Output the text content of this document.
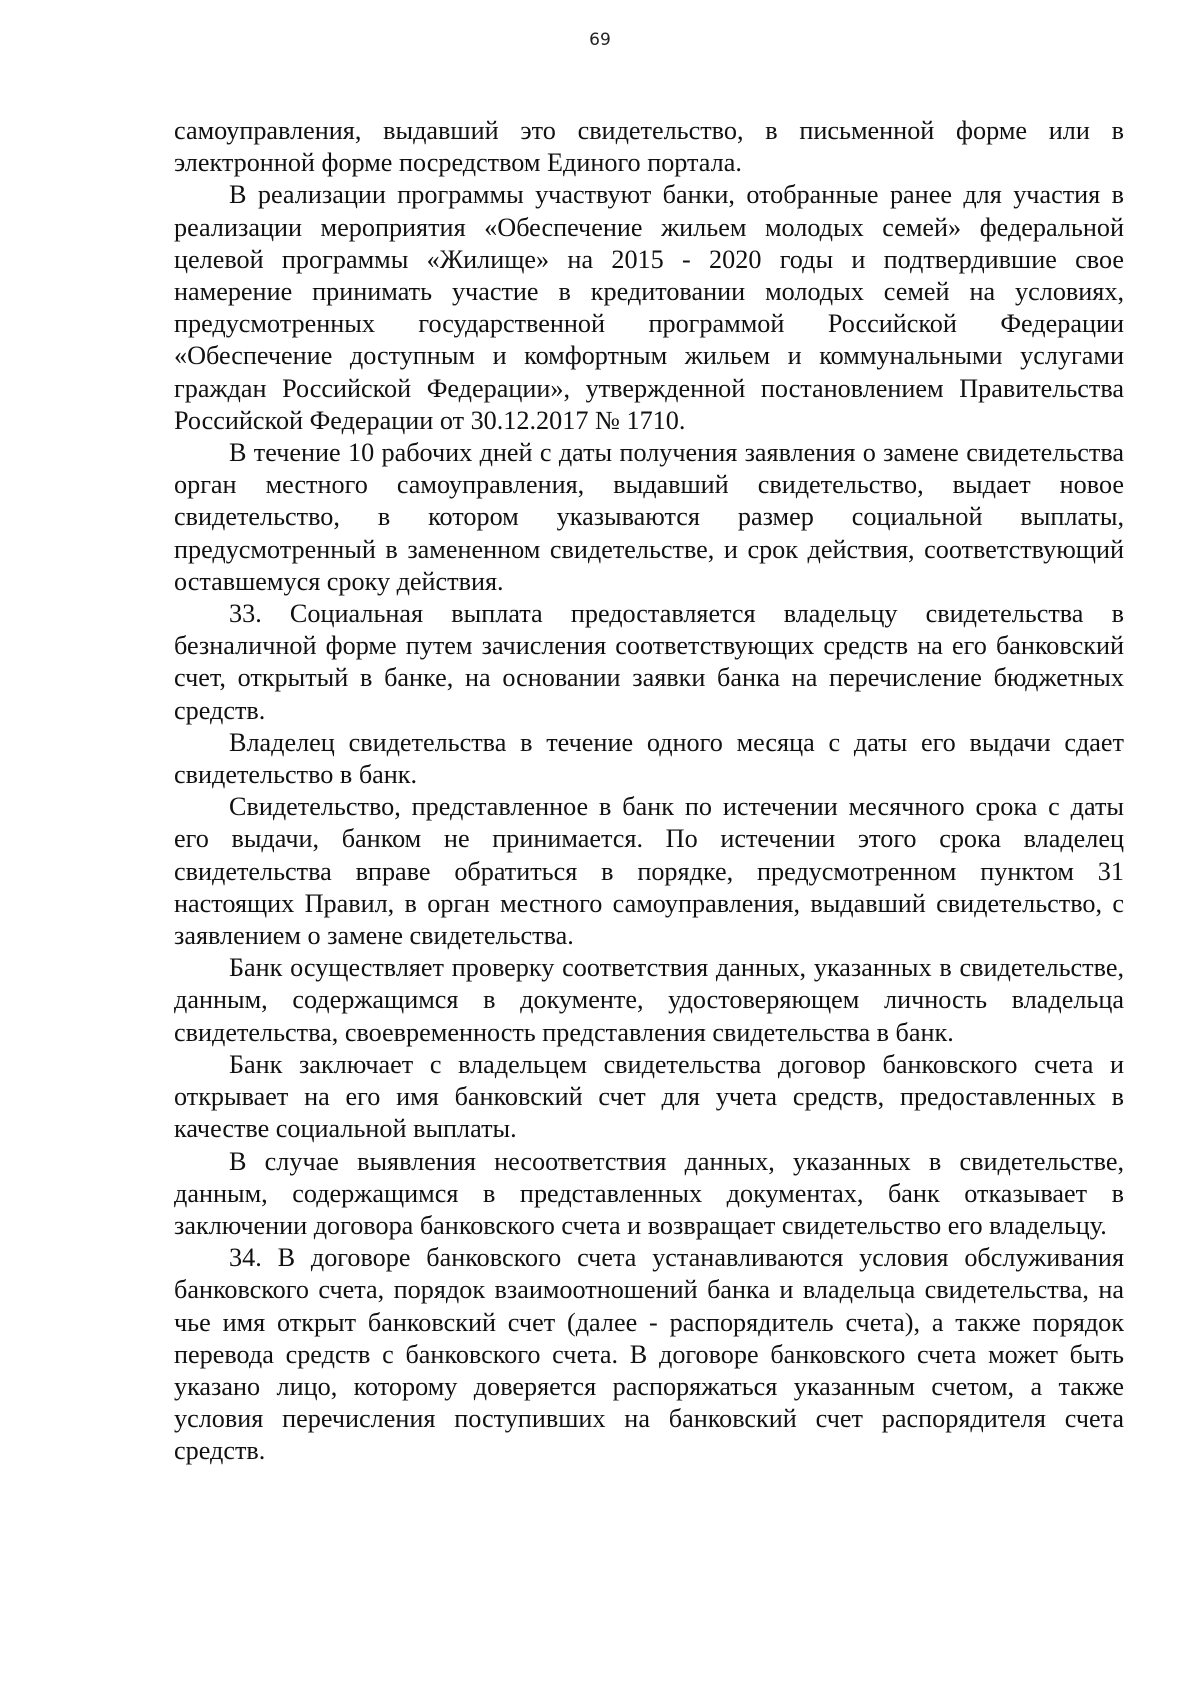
69

самоуправления, выдавший это свидетельство, в письменной форме или в электронной форме посредством Единого портала.

В реализации программы участвуют банки, отобранные ранее для участия в реализации мероприятия «Обеспечение жильем молодых семей» федеральной целевой программы «Жилище» на 2015 - 2020 годы и подтвердившие свое намерение принимать участие в кредитовании молодых семей на условиях, предусмотренных государственной программой Российской Федерации «Обеспечение доступным и комфортным жильем и коммунальными услугами граждан Российской Федерации», утвержденной постановлением Правительства Российской Федерации от 30.12.2017 № 1710.

В течение 10 рабочих дней с даты получения заявления о замене свидетельства орган местного самоуправления, выдавший свидетельство, выдает новое свидетельство, в котором указываются размер социальной выплаты, предусмотренный в замененном свидетельстве, и срок действия, соответствующий оставшемуся сроку действия.

33. Социальная выплата предоставляется владельцу свидетельства в безналичной форме путем зачисления соответствующих средств на его банковский счет, открытый в банке, на основании заявки банка на перечисление бюджетных средств.

Владелец свидетельства в течение одного месяца с даты его выдачи сдает свидетельство в банк.

Свидетельство, представленное в банк по истечении месячного срока с даты его выдачи, банком не принимается. По истечении этого срока владелец свидетельства вправе обратиться в порядке, предусмотренном пунктом 31 настоящих Правил, в орган местного самоуправления, выдавший свидетельство, с заявлением о замене свидетельства.

Банк осуществляет проверку соответствия данных, указанных в свидетельстве, данным, содержащимся в документе, удостоверяющем личность владельца свидетельства, своевременность представления свидетельства в банк.

Банк заключает с владельцем свидетельства договор банковского счета и открывает на его имя банковский счет для учета средств, предоставленных в качестве социальной выплаты.

В случае выявления несоответствия данных, указанных в свидетельстве, данным, содержащимся в представленных документах, банк отказывает в заключении договора банковского счета и возвращает свидетельство его владельцу.

34. В договоре банковского счета устанавливаются условия обслуживания банковского счета, порядок взаимоотношений банка и владельца свидетельства, на чье имя открыт банковский счет (далее - распорядитель счета), а также порядок перевода средств с банковского счета. В договоре банковского счета может быть указано лицо, которому доверяется распоряжаться указанным счетом, а также условия перечисления поступивших на банковский счет распорядителя счета средств.
